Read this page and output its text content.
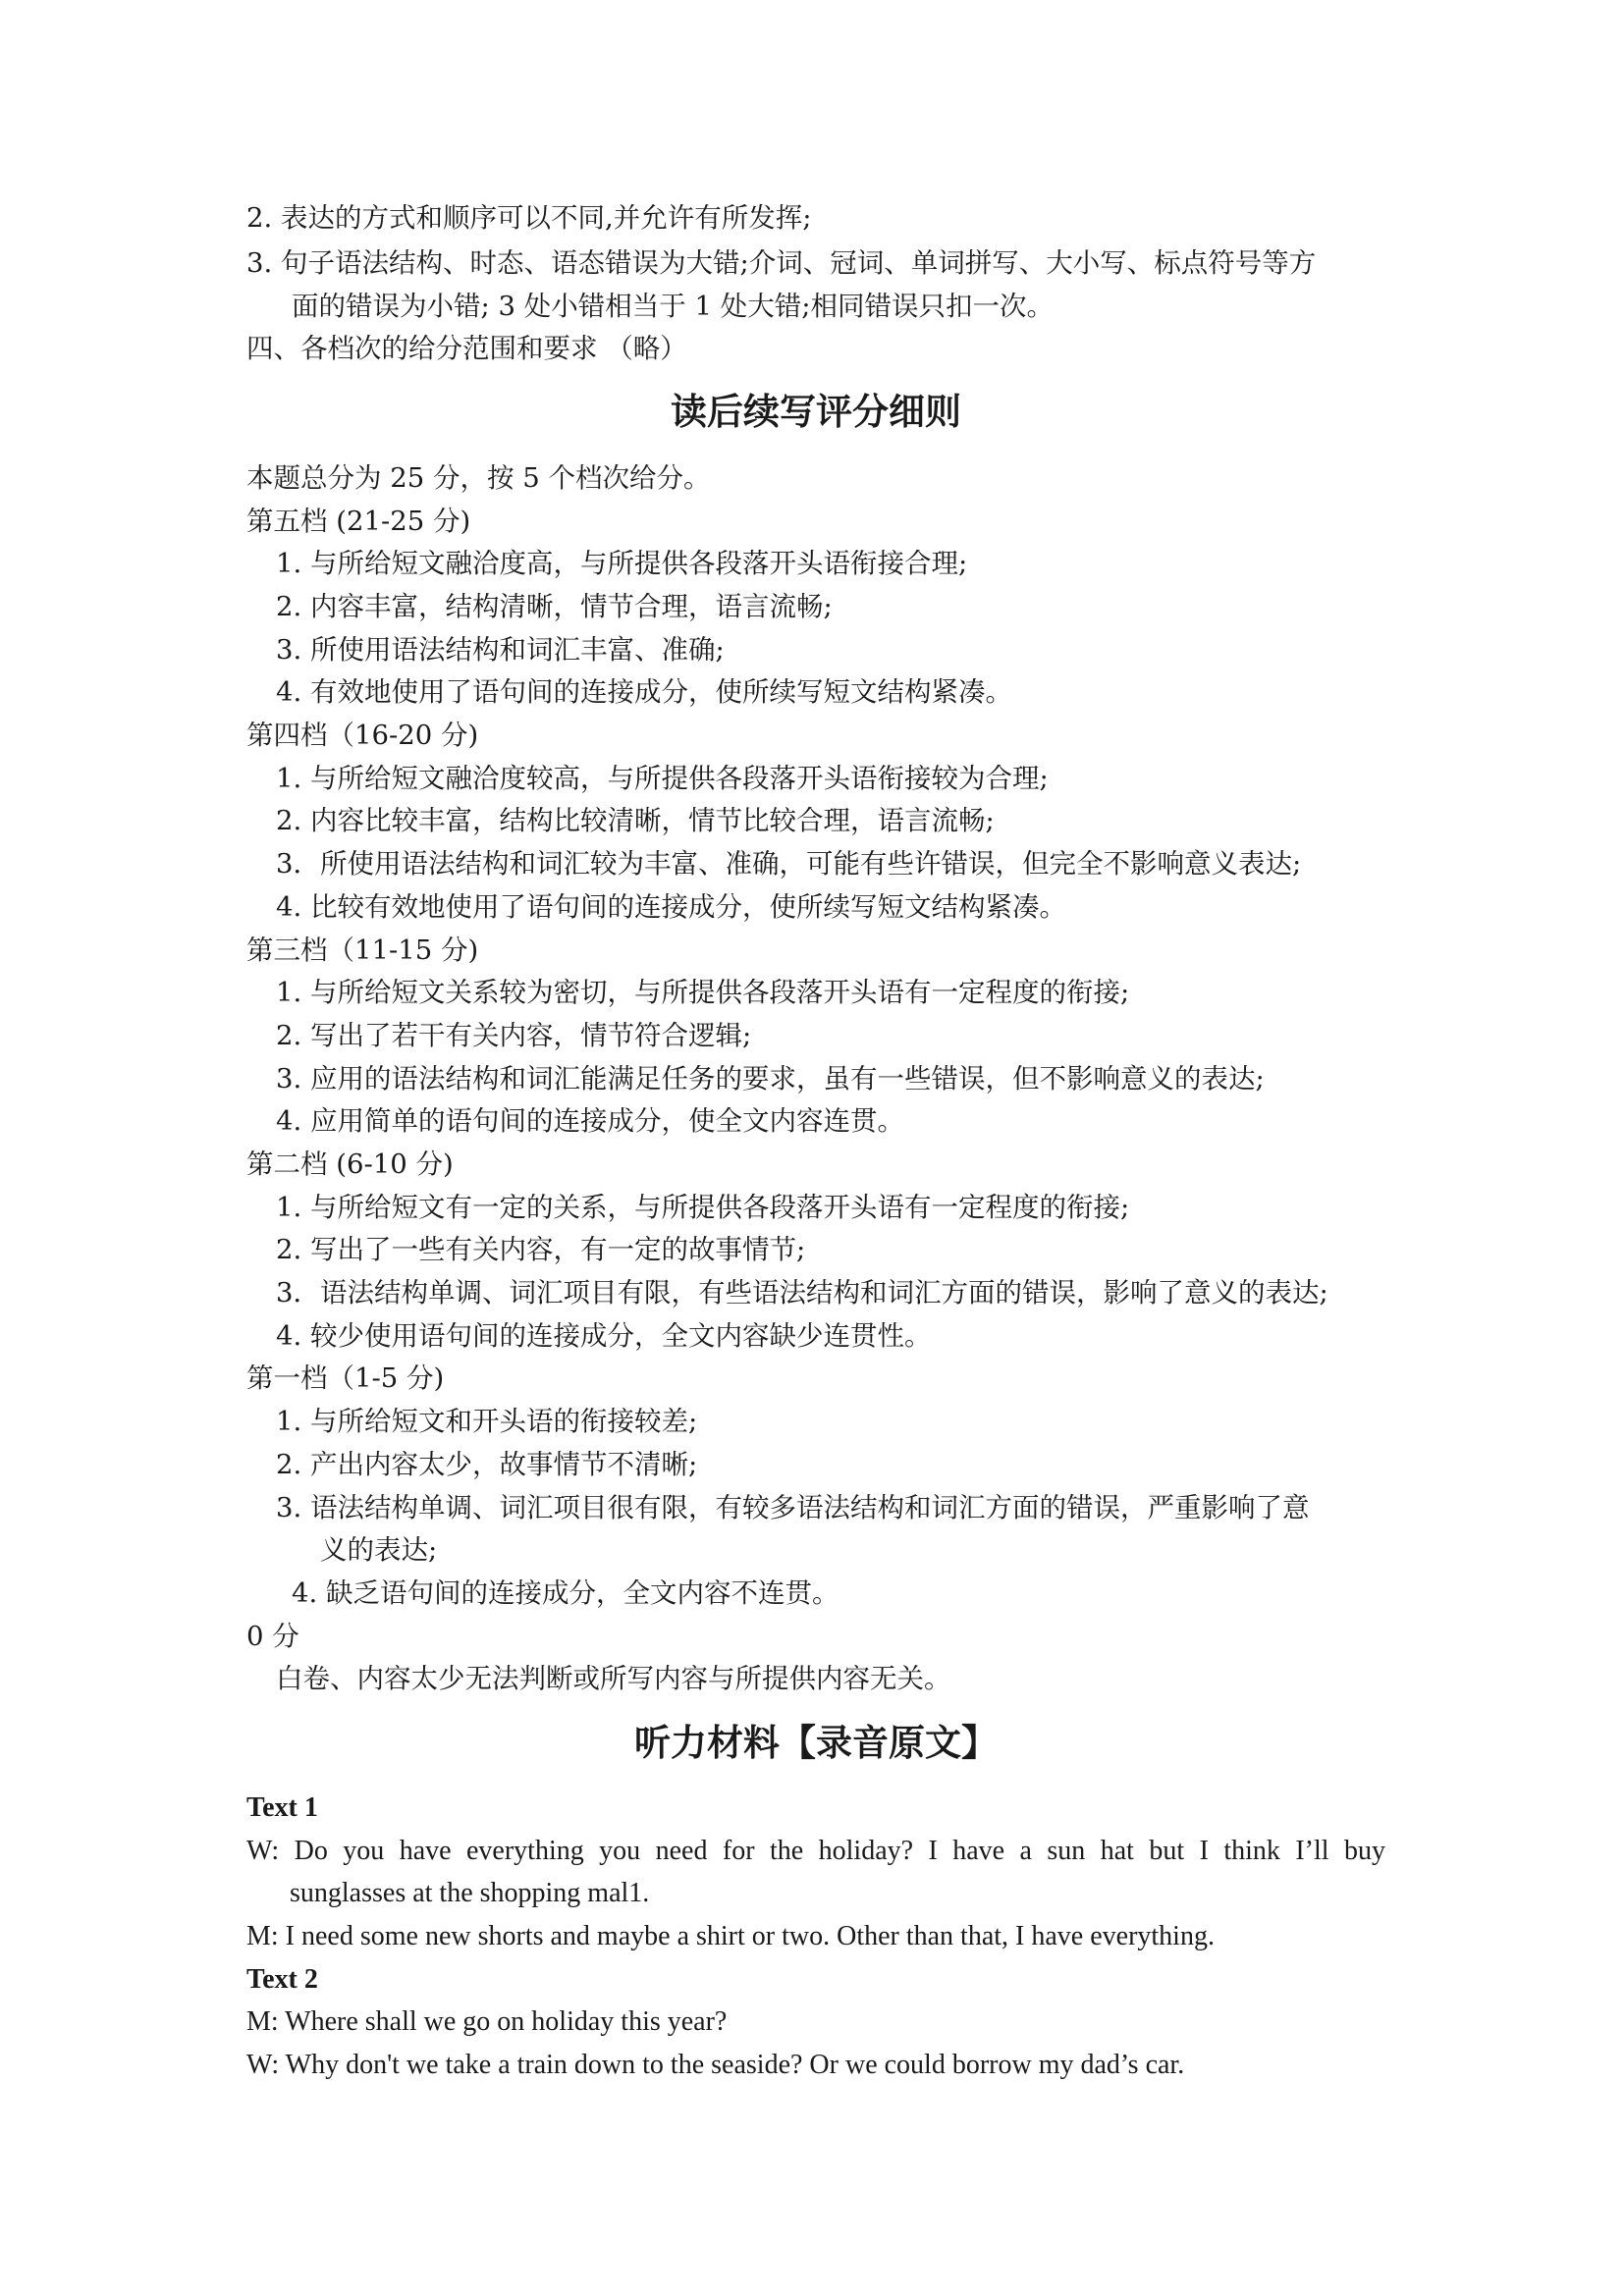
2. 表达的方式和顺序可以不同,并允许有所发挥;
3. 句子语法结构、时态、语态错误为大错;介词、冠词、单词拼写、大小写、标点符号等方
面的错误为小错; 3 处小错相当于 1 处大错;相同错误只扣一次。
四、各档次的给分范围和要求 （略）
读后续写评分细则
本题总分为 25 分，按 5 个档次给分。
第五档 (21-25 分)
1. 与所给短文融洽度高，与所提供各段落开头语衔接合理;
2. 内容丰富，结构清晰，情节合理，语言流畅;
3. 所使用语法结构和词汇丰富、准确;
4. 有效地使用了语句间的连接成分，使所续写短文结构紧凑。
第四档（16-20 分)
1. 与所给短文融洽度较高，与所提供各段落开头语衔接较为合理;
2. 内容比较丰富，结构比较清晰，情节比较合理，语言流畅;
3．所使用语法结构和词汇较为丰富、准确，可能有些许错误，但完全不影响意义表达;
4. 比较有效地使用了语句间的连接成分，使所续写短文结构紧凑。
第三档（11-15 分)
1. 与所给短文关系较为密切，与所提供各段落开头语有一定程度的衔接;
2. 写出了若干有关内容，情节符合逻辑;
3. 应用的语法结构和词汇能满足任务的要求，虽有一些错误，但不影响意义的表达;
4. 应用简单的语句间的连接成分，使全文内容连贯。
第二档 (6-10 分)
1. 与所给短文有一定的关系，与所提供各段落开头语有一定程度的衔接;
2. 写出了一些有关内容，有一定的故事情节;
3．语法结构单调、词汇项目有限，有些语法结构和词汇方面的错误，影响了意义的表达;
4. 较少使用语句间的连接成分，全文内容缺少连贯性。
第一档（1-5 分)
1. 与所给短文和开头语的衔接较差;
2. 产出内容太少，故事情节不清晰;
3. 语法结构单调、词汇项目很有限，有较多语法结构和词汇方面的错误，严重影响了意
义的表达;
4. 缺乏语句间的连接成分，全文内容不连贯。
0 分
白卷、内容太少无法判断或所写内容与所提供内容无关。
听力材料【录音原文】
Text 1
W: Do you have everything you need for the holiday? I have a sun hat but I think I’ll buy
sunglasses at the shopping mal1.
M: I need some new shorts and maybe a shirt or two. Other than that, I have everything.
Text 2
M: Where shall we go on holiday this year?
W: Why don't we take a train down to the seaside? Or we could borrow my dad’s car.
